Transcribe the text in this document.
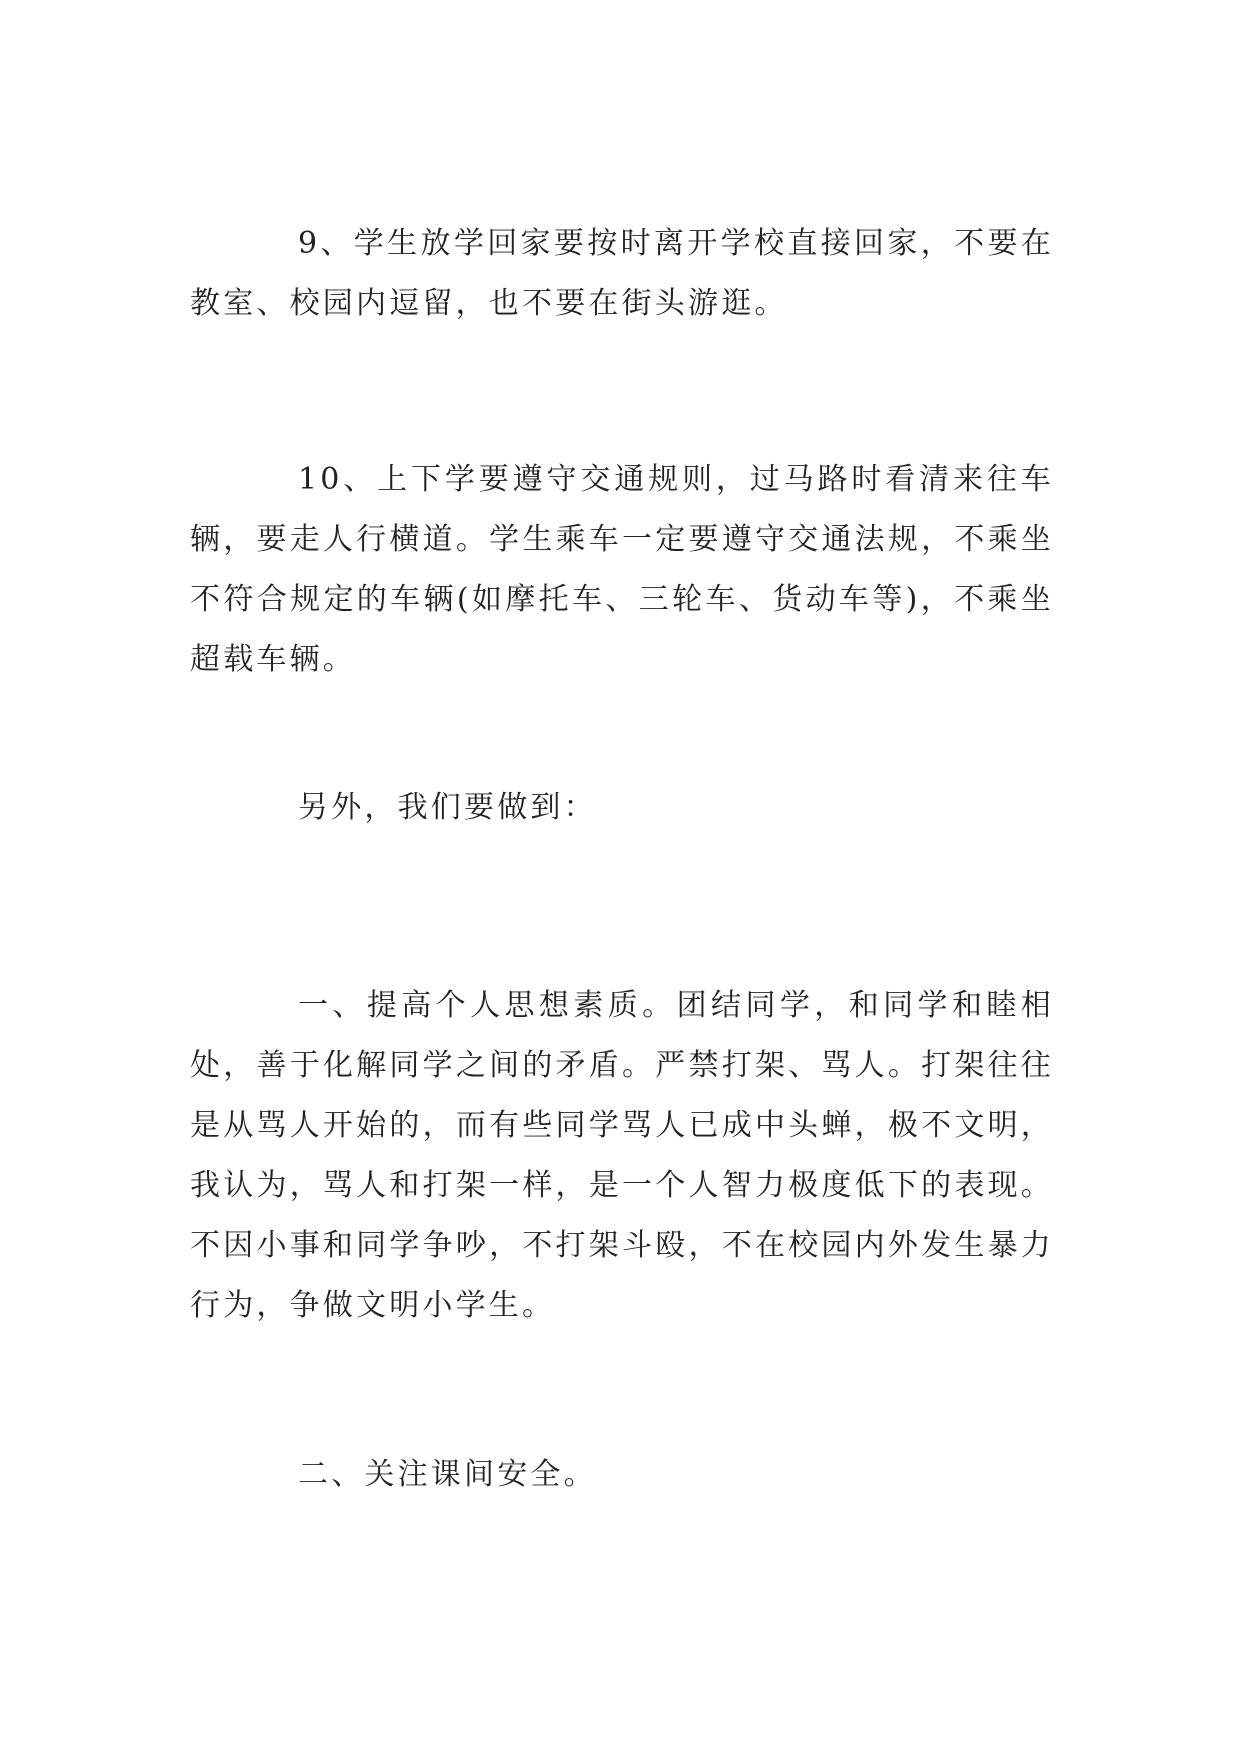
9、学生放学回家要按时离开学校直接回家，不要在教室、校园内逗留，也不要在街头游逛。

10、上下学要遵守交通规则，过马路时看清来往车辆，要走人行横道。学生乘车一定要遵守交通法规，不乘坐不符合规定的车辆(如摩托车、三轮车、货动车等)，不乘坐超载车辆。

另外，我们要做到：

一、提高个人思想素质。团结同学，和同学和睦相处，善于化解同学之间的矛盾。严禁打架、骂人。打架往往是从骂人开始的，而有些同学骂人已成中头蝉，极不文明，我认为，骂人和打架一样，是一个人智力极度低下的表现。不因小事和同学争吵，不打架斗殴，不在校园内外发生暴力行为，争做文明小学生。

二、关注课间安全。
